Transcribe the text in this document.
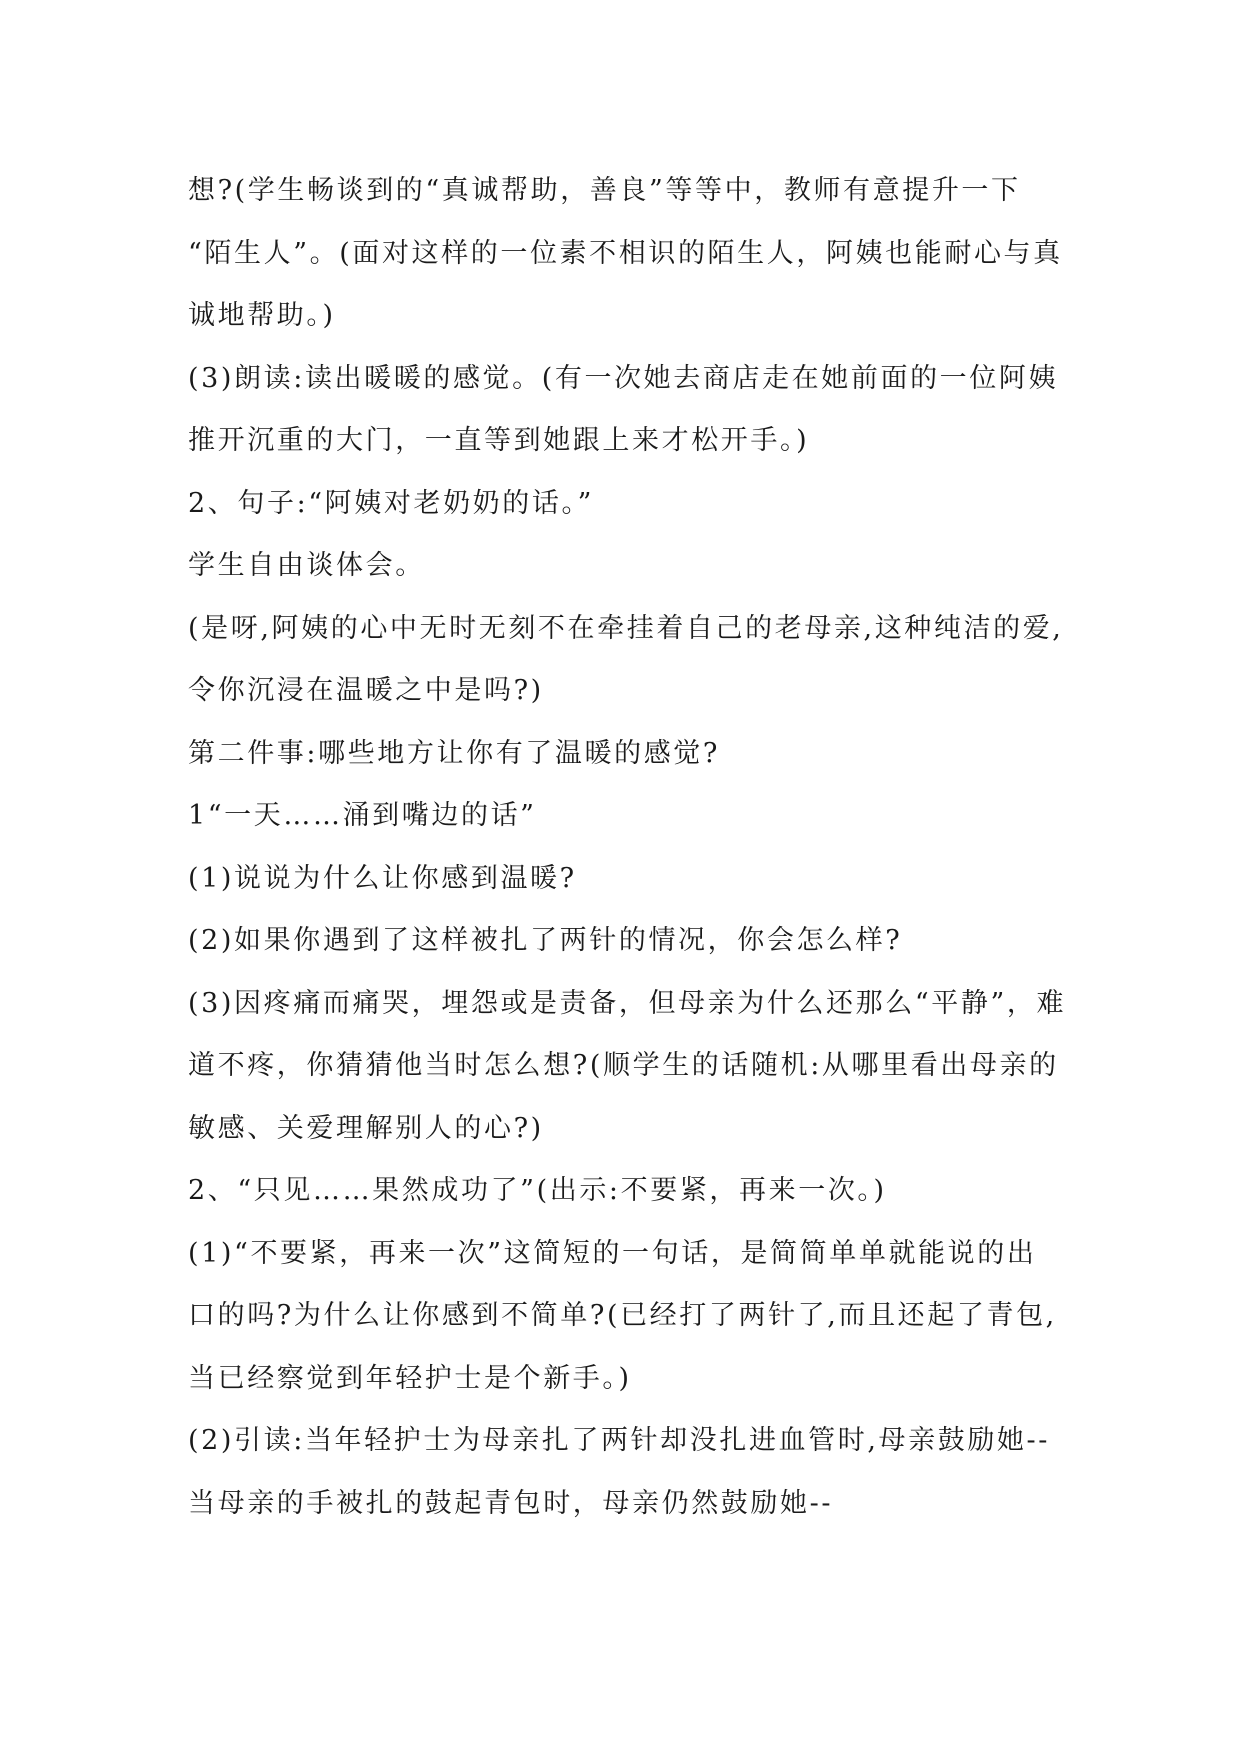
想?(学生畅谈到的“真诚帮助，善良”等等中，教师有意提升一下
“陌生人”。(面对这样的一位素不相识的陌生人，阿姨也能耐心与真
诚地帮助。)
(3)朗读:读出暖暖的感觉。(有一次她去商店走在她前面的一位阿姨
推开沉重的大门，一直等到她跟上来才松开手。)
2、句子:“阿姨对老奶奶的话。”
学生自由谈体会。
(是呀,阿姨的心中无时无刻不在牵挂着自己的老母亲,这种纯洁的爱,
令你沉浸在温暖之中是吗?)
第二件事:哪些地方让你有了温暖的感觉?
1“一天……涌到嘴边的话”
(1)说说为什么让你感到温暖?
(2)如果你遇到了这样被扎了两针的情况，你会怎么样?
(3)因疼痛而痛哭，埋怨或是责备，但母亲为什么还那么“平静”，难
道不疼，你猜猜他当时怎么想?(顺学生的话随机:从哪里看出母亲的
敏感、关爱理解别人的心?)
2、“只见……果然成功了”(出示:不要紧，再来一次。)
(1)“不要紧，再来一次”这简短的一句话，是简简单单就能说的出
口的吗?为什么让你感到不简单?(已经打了两针了,而且还起了青包,
当已经察觉到年轻护士是个新手。)
(2)引读:当年轻护士为母亲扎了两针却没扎进血管时,母亲鼓励她--
当母亲的手被扎的鼓起青包时，母亲仍然鼓励她--
